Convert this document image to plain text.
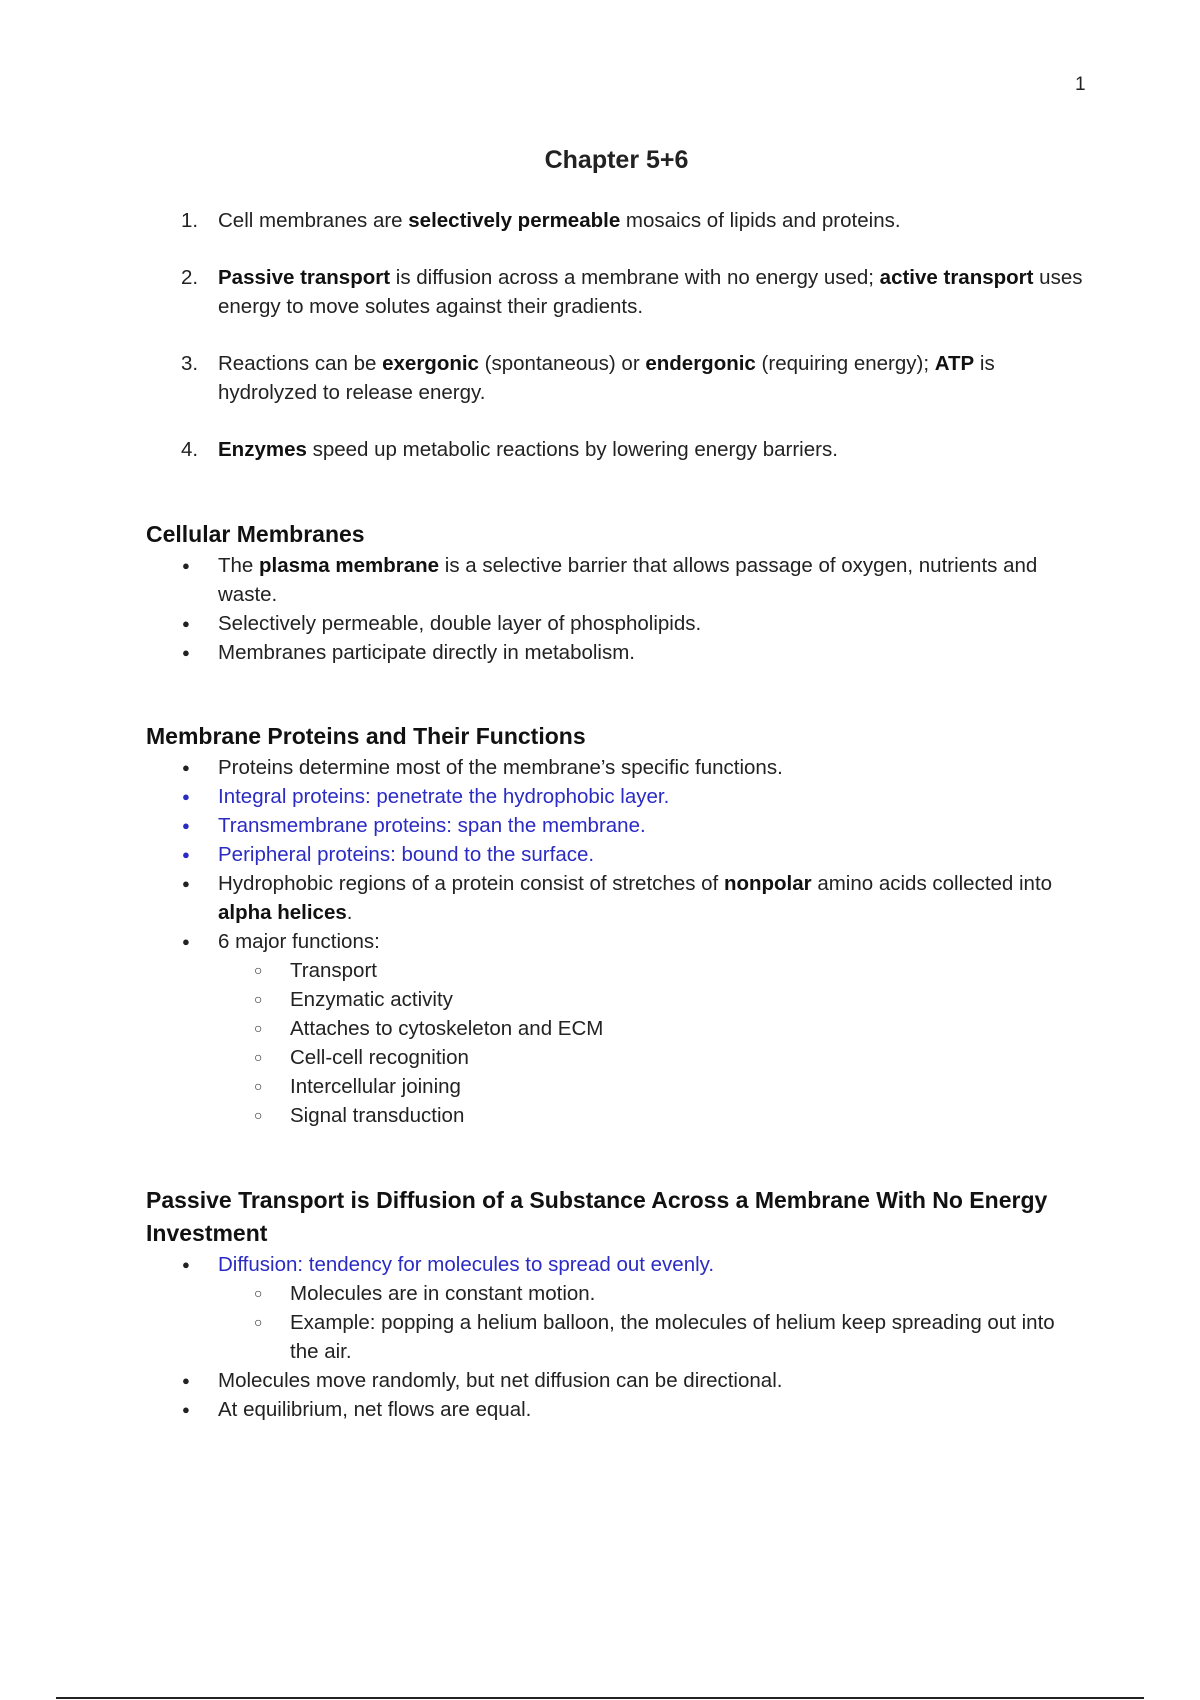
1
Chapter 5+6
1. Cell membranes are selectively permeable mosaics of lipids and proteins.
2. Passive transport is diffusion across a membrane with no energy used; active transport uses energy to move solutes against their gradients.
3. Reactions can be exergonic (spontaneous) or endergonic (requiring energy); ATP is hydrolyzed to release energy.
4. Enzymes speed up metabolic reactions by lowering energy barriers.
Cellular Membranes
● The plasma membrane is a selective barrier that allows passage of oxygen, nutrients and waste.
● Selectively permeable, double layer of phospholipids.
● Membranes participate directly in metabolism.
Membrane Proteins and Their Functions
● Proteins determine most of the membrane’s specific functions.
● Integral proteins: penetrate the hydrophobic layer.
● Transmembrane proteins: span the membrane.
● Peripheral proteins: bound to the surface.
● Hydrophobic regions of a protein consist of stretches of nonpolar amino acids collected into alpha helices.
● 6 major functions:
○ Transport
○ Enzymatic activity
○ Attaches to cytoskeleton and ECM
○ Cell-cell recognition
○ Intercellular joining
○ Signal transduction
Passive Transport is Diffusion of a Substance Across a Membrane With No Energy Investment
● Diffusion: tendency for molecules to spread out evenly.
○ Molecules are in constant motion.
○ Example: popping a helium balloon, the molecules of helium keep spreading out into the air.
● Molecules move randomly, but net diffusion can be directional.
● At equilibrium, net flows are equal.
